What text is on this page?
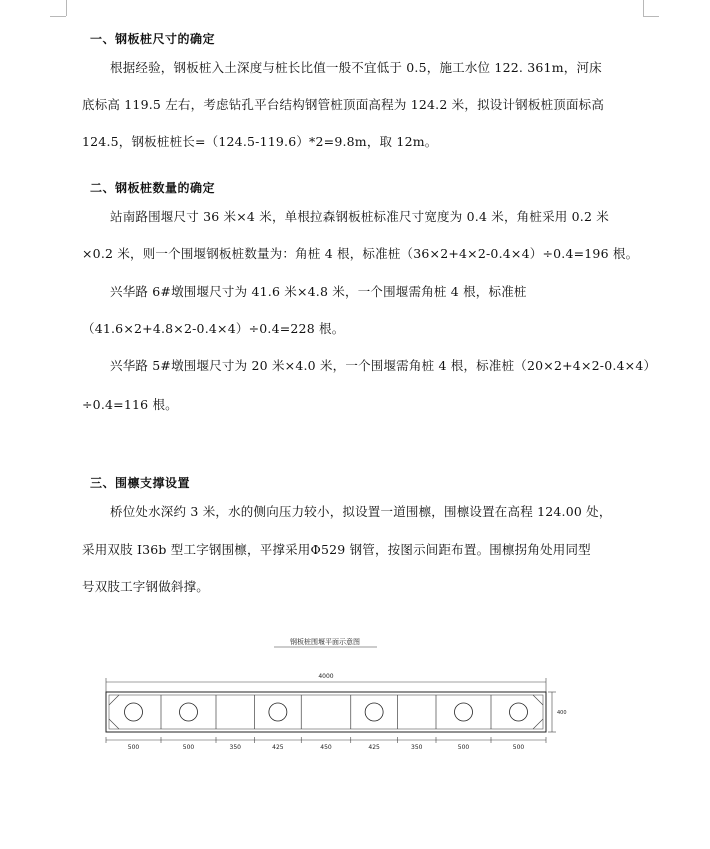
一、钢板桩尺寸的确定
根据经验，钢板桩入土深度与桩长比值一般不宜低于 0.5，施工水位 122. 361m，河床
底标高 119.5 左右，考虑钻孔平台结构钢管桩顶面高程为 124.2 米，拟设计钢板桩顶面标高
124.5，钢板桩桩长=（124.5-119.6）*2=9.8m，取 12m。
二、钢板桩数量的确定
站南路围堰尺寸 36 米×4 米，单根拉森钢板桩标准尺寸宽度为 0.4 米，角桩采用 0.2 米
×0.2 米，则一个围堰钢板桩数量为：角桩 4 根，标准桩（36×2+4×2-0.4×4）÷0.4=196 根。
兴华路 6#墩围堰尺寸为 41.6 米×4.8 米，一个围堰需角桩 4 根，标准桩
（41.6×2+4.8×2-0.4×4）÷0.4=228 根。
兴华路 5#墩围堰尺寸为 20 米×4.0 米，一个围堰需角桩 4 根，标准桩（20×2+4×2-0.4×4）
÷0.4=116 根。
三、围檩支撑设置
桥位处水深约 3 米，水的侧向压力较小，拟设置一道围檩，围檩设置在高程 124.00 处，
采用双肢 I36b 型工字钢围檩，平撑采用Φ529 钢管，按图示间距布置。围檩拐角处用同型
号双肢工字钢做斜撑。
钢板桩围堰平面示意图
4000
400
500	500	350	425	450	425	350	500	500
